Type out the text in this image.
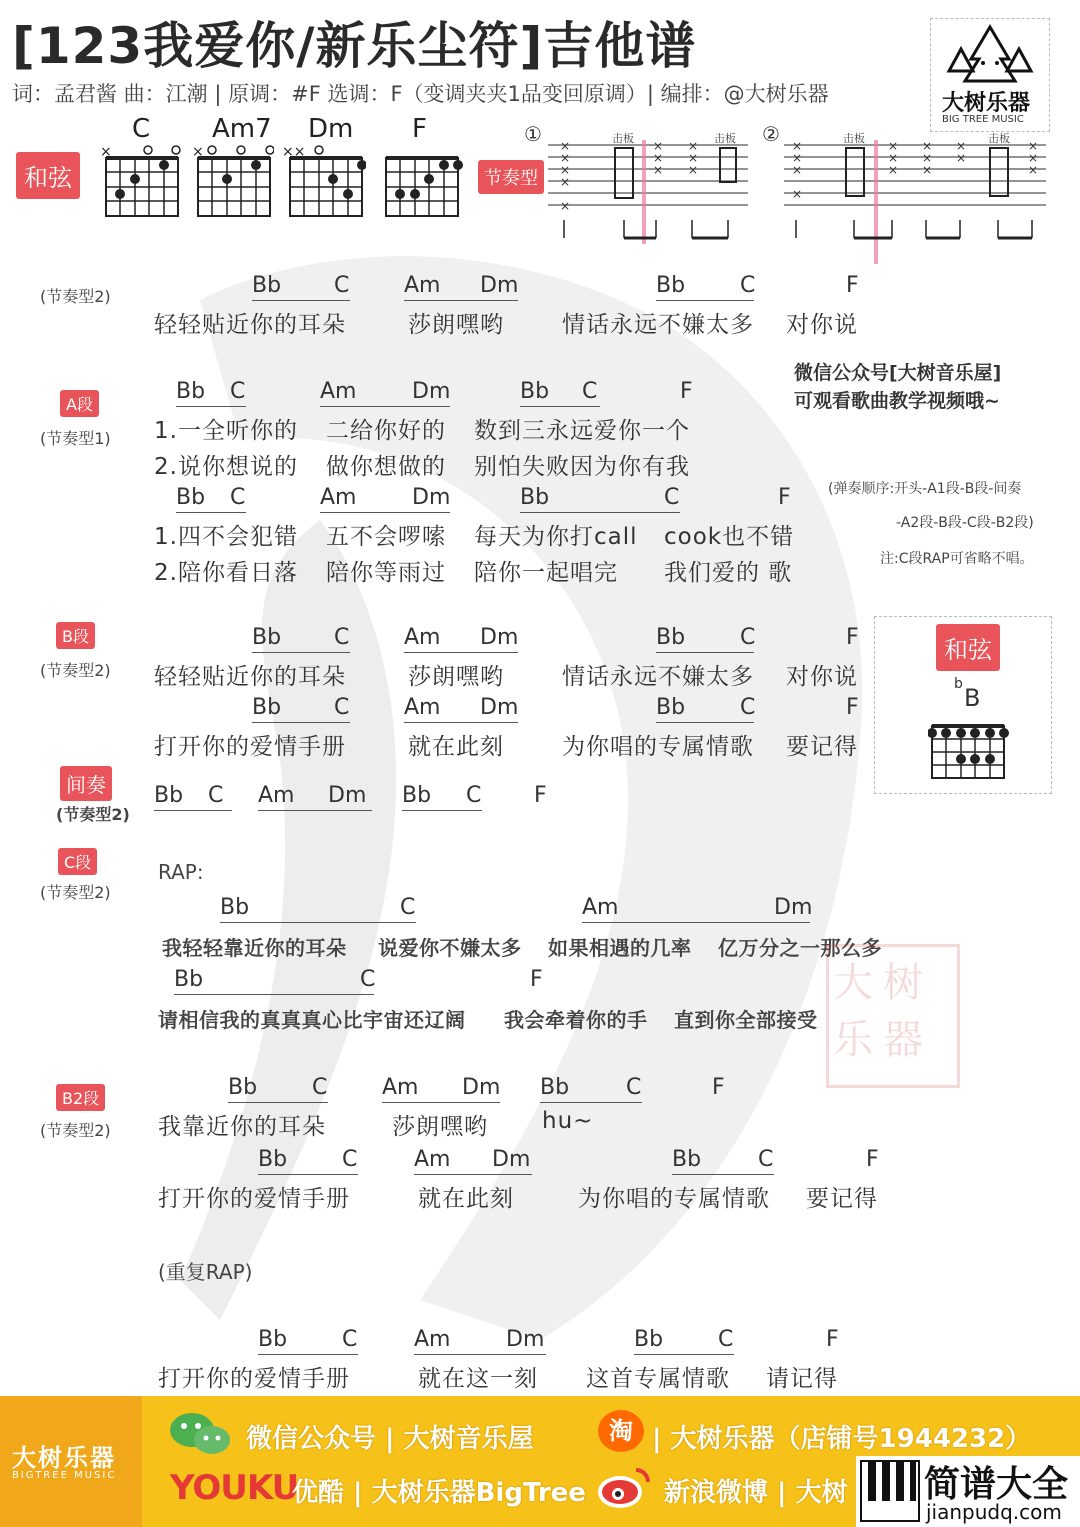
[123我爱你/新乐尘符]吉他谱
词：孟君酱 曲：江潮 | 原调：#F 选调：F（变调夹夹1品变回原调）| 编排：@大树乐器	大树乐器
BIG TREE MUSIC
和弦
C Am7 Dm F
×	×	××
节奏型
①	②
击板	击板	击板	击板
×
×
×
×
×
×
×
×
×
×
×
×
×
×
×
×
×
×
×
×
×
×
×
×
×
×
(节奏型2)	Bb C Am Dm	Bb C	F
轻轻贴近你的耳朵	莎朗嘿哟	情话永远不嫌太多 对你说
A段
(节奏型1)
Bb C	Am	Dm	Bb C	F
1.一全听你的 二给你好的 数到三永远爱你一个
2.说你想说的 做你想做的 别怕失败因为你有我
Bb C	Am	Dm	Bb	C	F
1.四不会犯错 五不会啰嗦 每天为你打call cook也不错
2.陪你看日落 陪你等雨过 陪你一起唱完 我们爱的 歌
微信公众号[大树音乐屋]
可观看歌曲教学视频哦~
(弹奏顺序:开头-A1段-B段-间奏
-A2段-B段-C段-B2段)
注:C段RAP可省略不唱。
B段
(节奏型2)
Bb C Am Dm	Bb C	F
轻轻贴近你的耳朵	莎朗嘿哟	情话永远不嫌太多 对你说
Bb C Am Dm	Bb C	F
打开你的爱情手册	就在此刻	为你唱的专属情歌 要记得
和弦
b B
间奏
(节奏型2)
Bb C Am Dm Bb C F
C段
(节奏型2)
RAP:
Bb	C	Am	Dm
我轻轻靠近你的耳朵 说爱你不嫌太多 如果相遇的几率 亿万分之一那么多
Bb	C	F
请相信我的真真真心比宇宙还辽阔 我会牵着你的手 直到你全部接受
大树
乐器
B2段
(节奏型2)
Bb C Am Dm Bb	C	F
我靠近你的耳朵	莎朗嘿哟 hu~
Bb C	Am Dm	Bb	C	F
打开你的爱情手册	就在此刻	为你唱的专属情歌 要记得
(重复RAP)
Bb C	Am	Dm	Bb C	F
打开你的爱情手册	就在这一刻 这首专属情歌 请记得
大树乐器
BIGTREE MUSIC
微信公众号 | 大树音乐屋	淘 | 大树乐器（店铺号1944232）
YOUKU
优酷 | 大树乐器BigTree	新浪微博 | 大树 简谱大全
jianpudq.com
